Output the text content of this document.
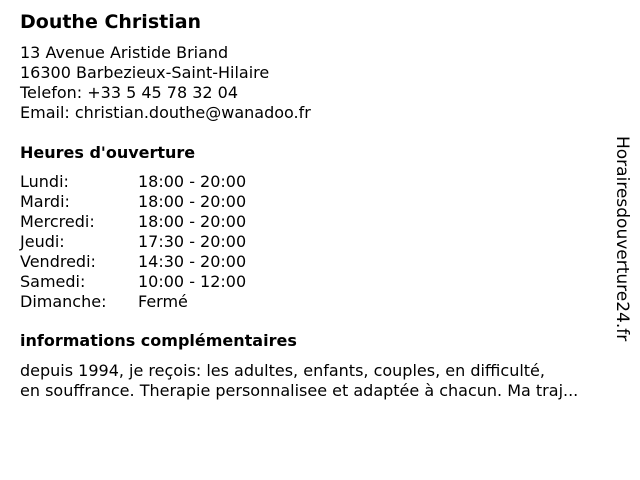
Douthe Christian
13 Avenue Aristide Briand
16300 Barbezieux-Saint-Hilaire
Telefon: +33 5 45 78 32 04
Email: christian.douthe@wanadoo.fr
Heures d'ouverture
Lundi:	18:00 - 20:00
Mardi:	18:00 - 20:00
Mercredi:	18:00 - 20:00
Jeudi:	17:30 - 20:00
Vendredi:	14:30 - 20:00
Samedi:	10:00 - 12:00
Dimanche:	Fermé
informations complémentaires
depuis 1994, je reçois: les adultes, enfants, couples, en difficulté,
en souffrance. Therapie personnalisee et adaptée à chacun. Ma traj...
Horairesdouverture24.fr
